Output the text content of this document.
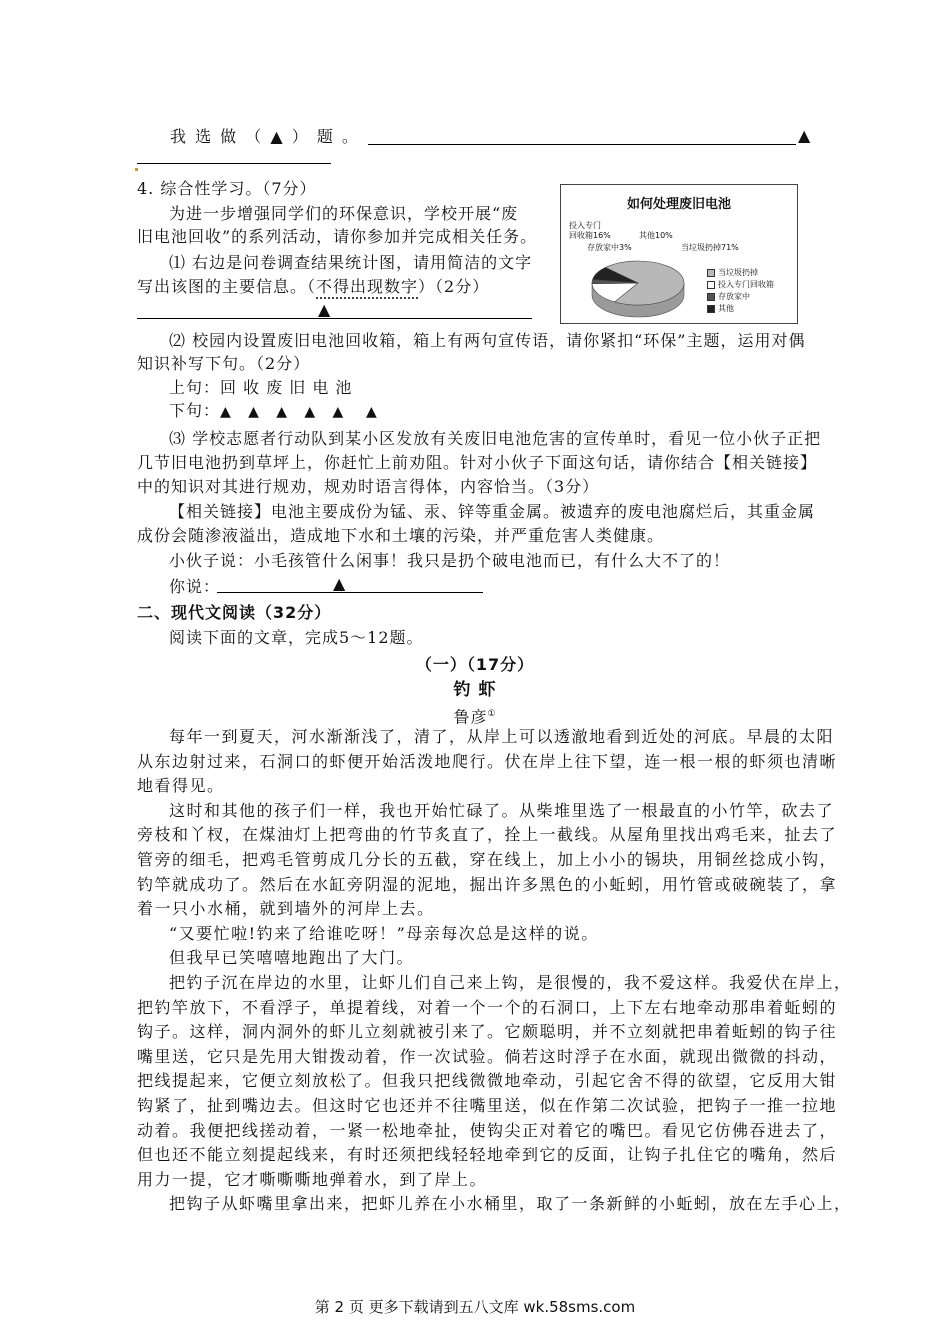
我 选 做 （ ▲ ） 题 。	▲
4. 综合性学习。（7分）
为进一步增强同学们的环保意识，学校开展“废
旧电池回收”的系列活动，请你参加并完成相关任务。
⑴ 右边是问卷调查结果统计图，请用简洁的文字
写出该图的主要信息。（不得出现数字）（2分）
▲
如何处理废旧电池
投入专门
回收箱16%	其他10%
存放家中3%	当垃圾扔掉71%
当垃圾扔掉
投入专门回收箱
存放家中
其他
⑵ 校园内设置废旧电池回收箱，箱上有两句宣传语，请你紧扣“环保”主题，运用对偶
知识补写下句。（2分）
上句：回 收 废 旧 电 池
下句：▲   ▲   ▲   ▲   ▲    ▲
⑶ 学校志愿者行动队到某小区发放有关废旧电池危害的宣传单时，看见一位小伙子正把
几节旧电池扔到草坪上，你赶忙上前劝阻。针对小伙子下面这句话，请你结合【相关链接】
中的知识对其进行规劝，规劝时语言得体，内容恰当。（3分）
【相关链接】电池主要成份为锰、汞、锌等重金属。被遗弃的废电池腐烂后，其重金属
成份会随渗液溢出，造成地下水和土壤的污染，并严重危害人类健康。
小伙子说：小毛孩管什么闲事！我只是扔个破电池而已，有什么大不了的！
你说：	▲
二、现代文阅读（32分）
阅读下面的文章，完成5～12题。
（一）（17分）
钓 虾
鲁彦①
每年一到夏天，河水渐渐浅了，清了，从岸上可以透澈地看到近处的河底。早晨的太阳
从东边射过来，石洞口的虾便开始活泼地爬行。伏在岸上往下望，连一根一根的虾须也清晰
地看得见。
这时和其他的孩子们一样，我也开始忙碌了。从柴堆里选了一根最直的小竹竿，砍去了
旁枝和丫杈，在煤油灯上把弯曲的竹节炙直了，拴上一截线。从屋角里找出鸡毛来，扯去了
管旁的细毛，把鸡毛管剪成几分长的五截，穿在线上，加上小小的锡块，用铜丝捻成小钩，
钓竿就成功了。然后在水缸旁阴湿的泥地，掘出许多黑色的小蚯蚓，用竹管或破碗装了，拿
着一只小水桶，就到墙外的河岸上去。
“又要忙啦!钓来了给谁吃呀！”母亲每次总是这样的说。
但我早已笑嘻嘻地跑出了大门。
把钓子沉在岸边的水里，让虾儿们自己来上钩，是很慢的，我不爱这样。我爱伏在岸上，
把钓竿放下，不看浮子，单提着线，对着一个一个的石洞口，上下左右地牵动那串着蚯蚓的
钩子。这样，洞内洞外的虾儿立刻就被引来了。它颇聪明，并不立刻就把串着蚯蚓的钩子往
嘴里送，它只是先用大钳拨动着，作一次试验。倘若这时浮子在水面，就现出微微的抖动，
把线提起来，它便立刻放松了。但我只把线微微地牵动，引起它舍不得的欲望，它反用大钳
钩紧了，扯到嘴边去。但这时它也还并不往嘴里送，似在作第二次试验，把钩子一推一拉地
动着。我便把线搓动着，一紧一松地牵扯，使钩尖正对着它的嘴巴。看见它仿佛吞进去了，
但也还不能立刻提起线来，有时还须把线轻轻地牵到它的反面，让钩子扎住它的嘴角，然后
用力一提，它才嘶嘶嘶地弹着水，到了岸上。
把钩子从虾嘴里拿出来，把虾儿养在小水桶里，取了一条新鲜的小蚯蚓，放在左手心上，
第 2 页 更多下载请到五八文库 wk.58sms.com
